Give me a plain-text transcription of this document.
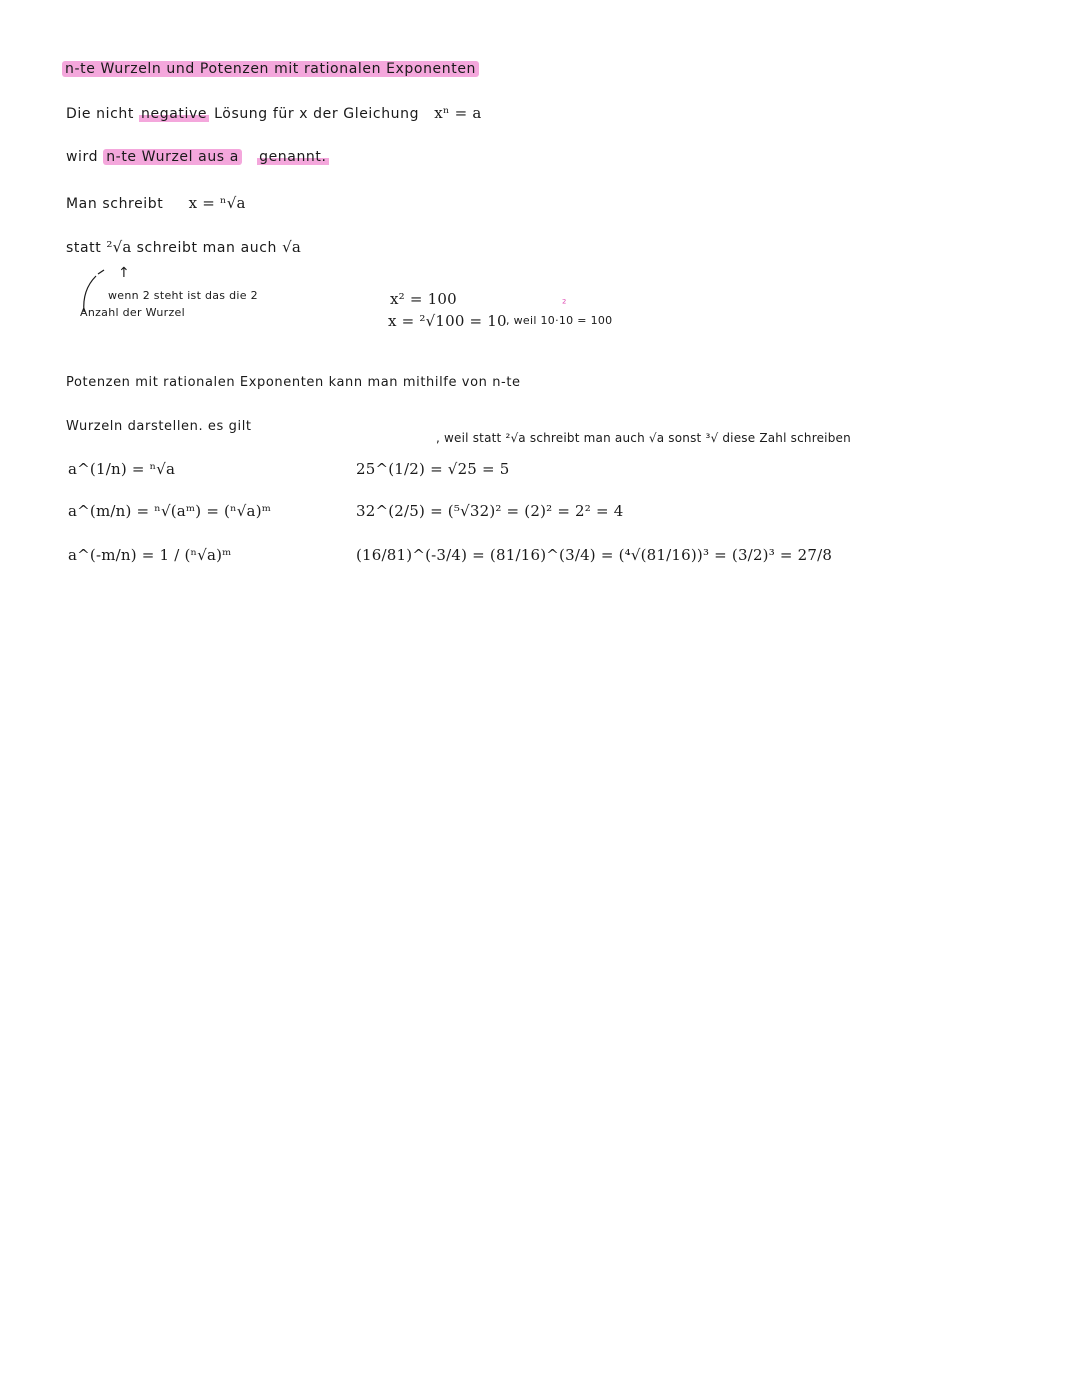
n-te Wurzeln und Potenzen mit rationalen Exponenten
Die nicht negative Lösung für x der Gleichung xⁿ = a
wird n-te Wurzel aus a genannt.
Man schreibt x = ⁿ√a
statt ²√a schreibt man auch √a
↑
wenn 2 steht ist das die 2
Anzahl der Wurzel
x² = 100
x = ²√100 = 10
²
, weil 10·10 = 100
Potenzen mit rationalen Exponenten kann man mithilfe von n-te
Wurzeln darstellen. es gilt
, weil statt ²√a schreibt man auch √a sonst ³√ diese Zahl schreiben
a^(1/n) = ⁿ√a
a^(m/n) = ⁿ√(aᵐ) = (ⁿ√a)ᵐ
a^(-m/n) = 1 / (ⁿ√a)ᵐ
25^(1/2) = √25 = 5
32^(2/5) = (⁵√32)² = (2)² = 2² = 4
(16/81)^(-3/4) = (81/16)^(3/4) = (⁴√(81/16))³ = (3/2)³ = 27/8
